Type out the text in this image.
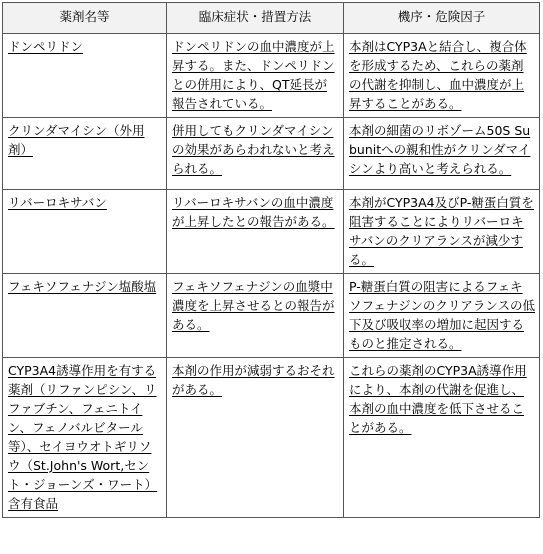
薬剤名等	臨床症状・措置方法	機序・危険因子
ドンペリドン	ドンペリドンの血中濃度が上昇する。また、ドンペリドンとの併用により、QT延長が報告されている。	本剤はCYP3Aと結合し、複合体を形成するため、これらの薬剤の代謝を抑制し、血中濃度が上昇することがある。
クリンダマイシン（外用剤）	併用してもクリンダマイシンの効果があらわれないと考えられる。	本剤の細菌のリボゾーム50S Subunitへの親和性がクリンダマイシンより高いと考えられる。
リバーロキサバン	リバーロキサバンの血中濃度が上昇したとの報告がある。	本剤がCYP3A4及びP-糖蛋白質を阻害することによりリバーロキサバンのクリアランスが減少する。
フェキソフェナジン塩酸塩	フェキソフェナジンの血漿中濃度を上昇させるとの報告がある。	P-糖蛋白質の阻害によるフェキソフェナジンのクリアランスの低下及び吸収率の増加に起因するものと推定される。
CYP3A4誘導作用を有する薬剤（リファンピシン、リファブチン、フェニトイン、フェノバルビタール等）、セイヨウオトギリソウ（St.John's Wort,セント・ジョーンズ・ワート）含有食品	本剤の作用が減弱するおそれがある。	これらの薬剤のCYP3A誘導作用により、本剤の代謝を促進し、本剤の血中濃度を低下させることがある。
